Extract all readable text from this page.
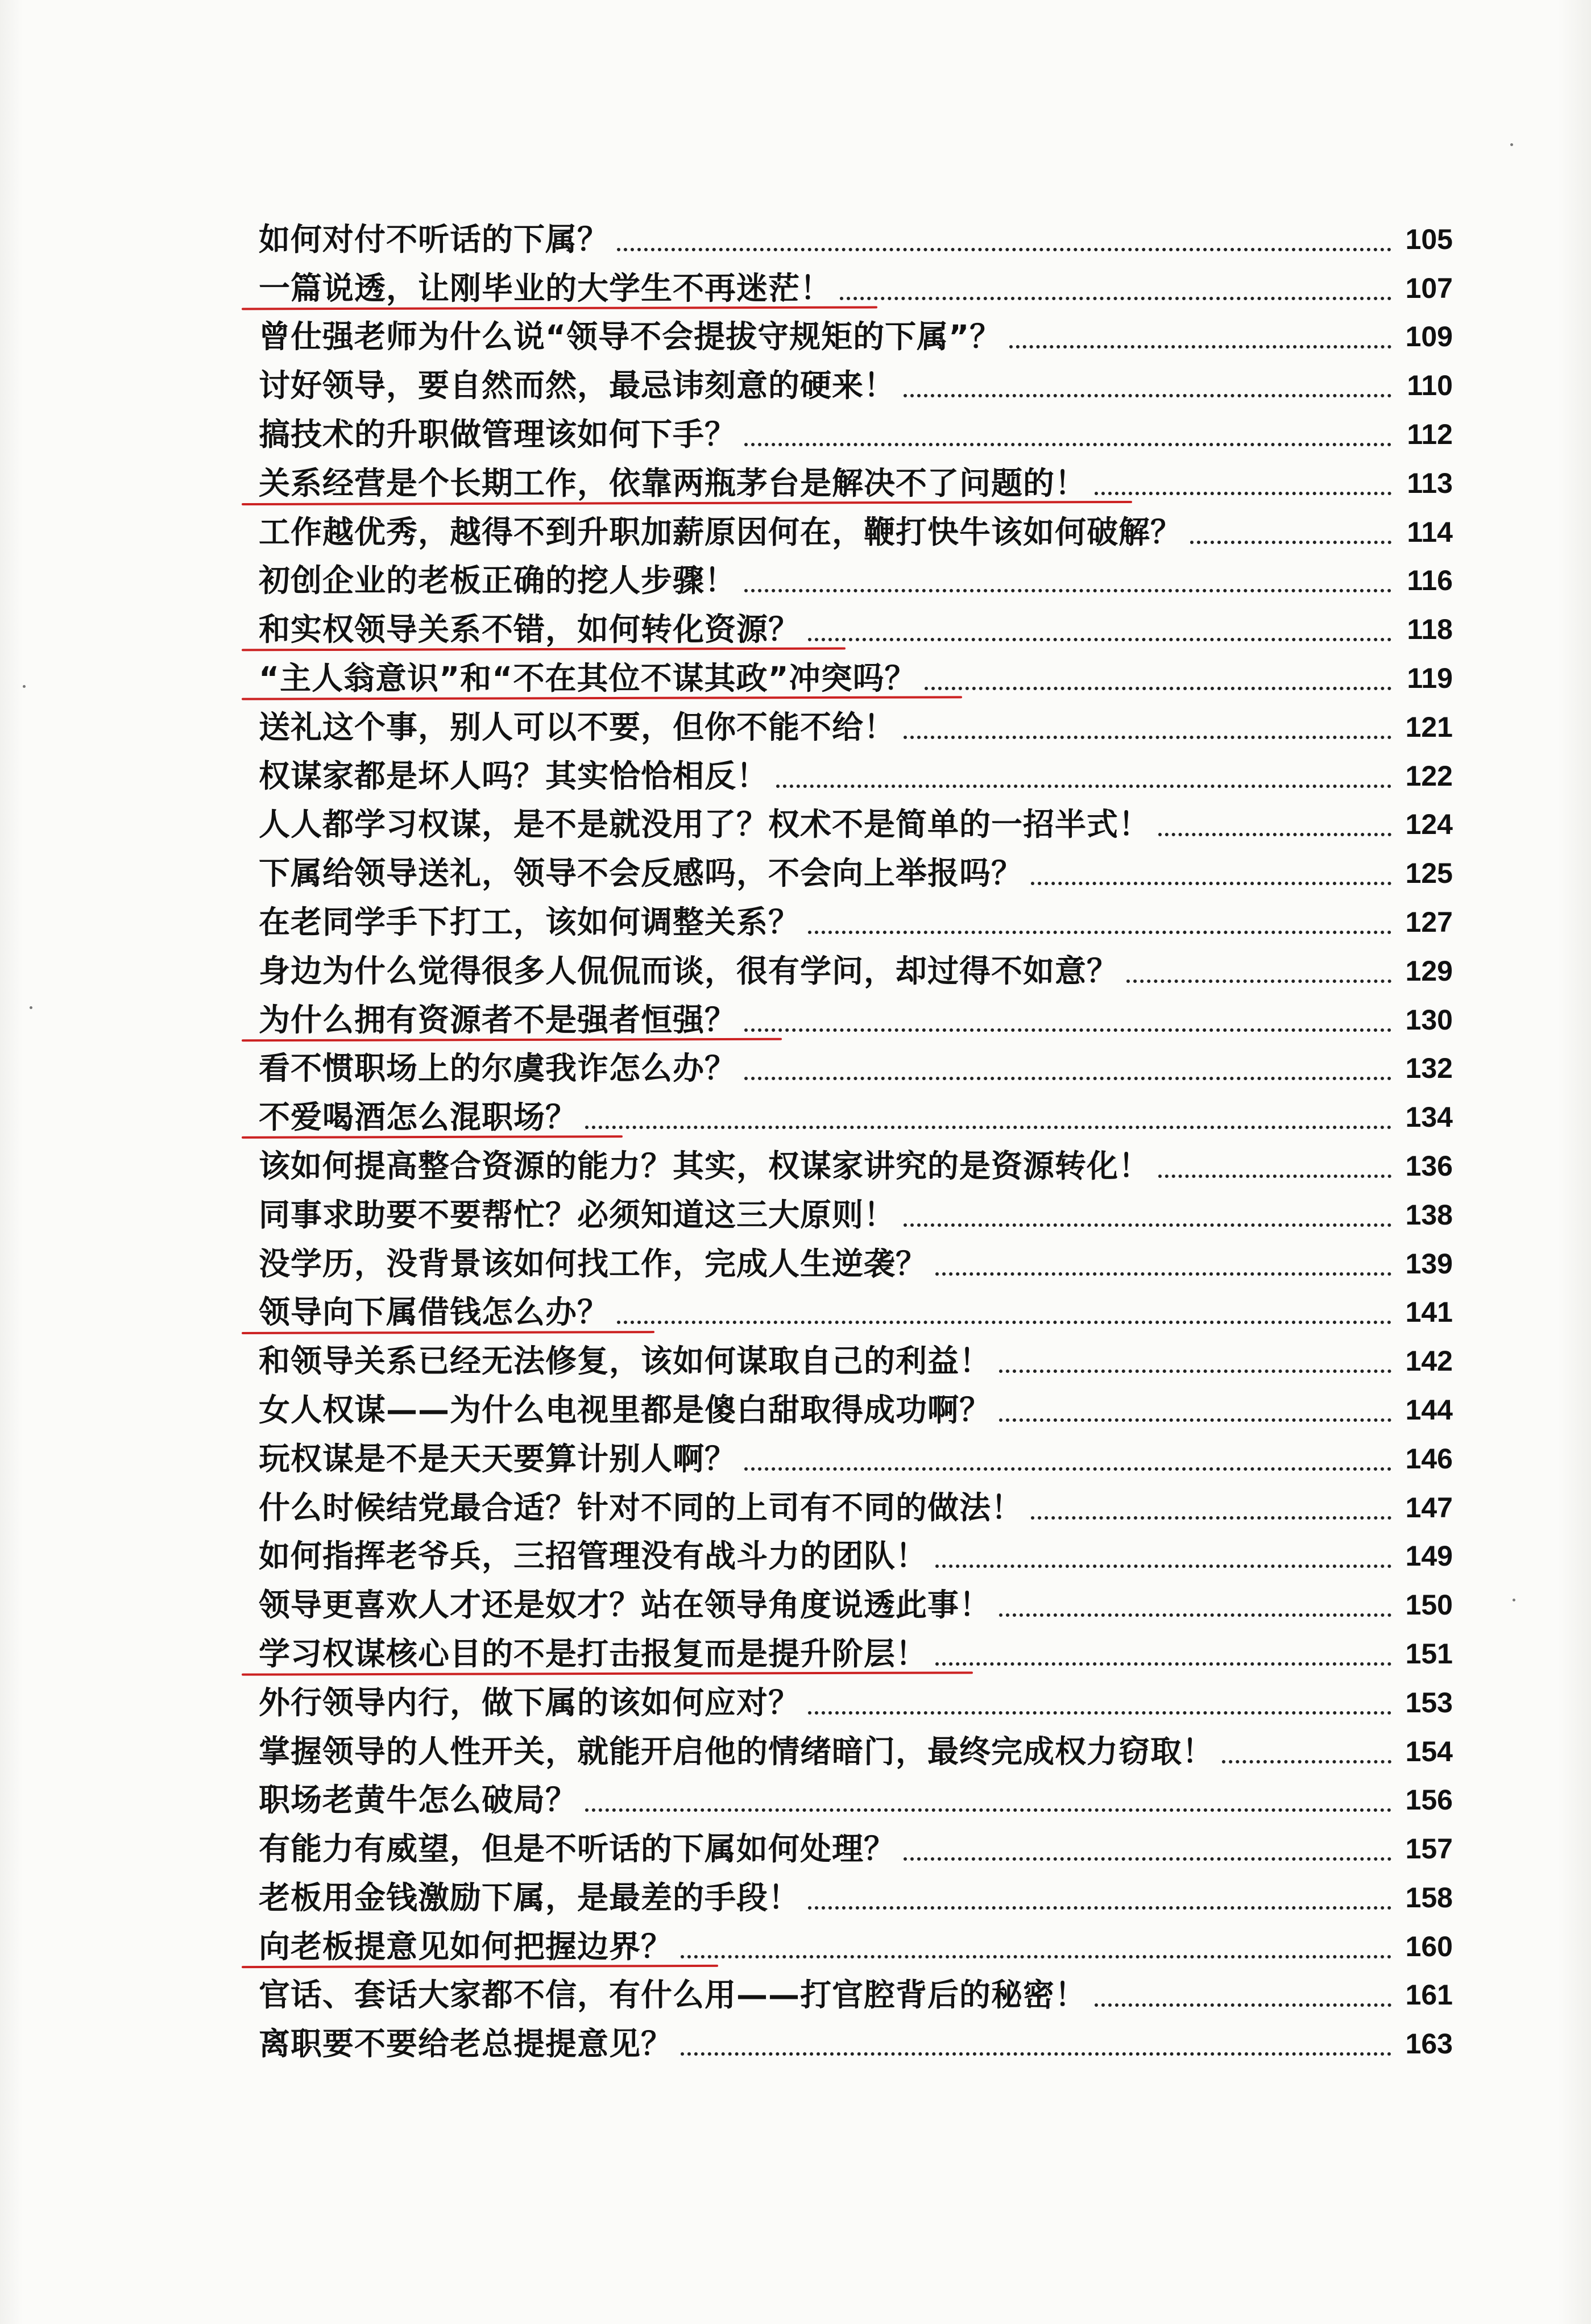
如何对付不听话的下属？	105
一篇说透，让刚毕业的大学生不再迷茫！	107
曾仕强老师为什么说“领导不会提拔守规矩的下属”？	109
讨好领导，要自然而然，最忌讳刻意的硬来！	110
搞技术的升职做管理该如何下手？	112
关系经营是个长期工作，依靠两瓶茅台是解决不了问题的！	113
工作越优秀，越得不到升职加薪原因何在，鞭打快牛该如何破解？	114
初创企业的老板正确的挖人步骤！	116
和实权领导关系不错，如何转化资源？	118
“主人翁意识”和“不在其位不谋其政”冲突吗？	119
送礼这个事，别人可以不要，但你不能不给！	121
权谋家都是坏人吗？其实恰恰相反！	122
人人都学习权谋，是不是就没用了？权术不是简单的一招半式！	124
下属给领导送礼，领导不会反感吗，不会向上举报吗？	125
在老同学手下打工，该如何调整关系？	127
身边为什么觉得很多人侃侃而谈，很有学问，却过得不如意？	129
为什么拥有资源者不是强者恒强？	130
看不惯职场上的尔虞我诈怎么办？	132
不爱喝酒怎么混职场？	134
该如何提高整合资源的能力？其实，权谋家讲究的是资源转化！	136
同事求助要不要帮忙？必须知道这三大原则！	138
没学历，没背景该如何找工作，完成人生逆袭？	139
领导向下属借钱怎么办？	141
和领导关系已经无法修复，该如何谋取自己的利益！	142
女人权谋——为什么电视里都是傻白甜取得成功啊？	144
玩权谋是不是天天要算计别人啊？	146
什么时候结党最合适？针对不同的上司有不同的做法！	147
如何指挥老爷兵，三招管理没有战斗力的团队！	149
领导更喜欢人才还是奴才？站在领导角度说透此事！	150
学习权谋核心目的不是打击报复而是提升阶层！	151
外行领导内行，做下属的该如何应对？	153
掌握领导的人性开关，就能开启他的情绪暗门，最终完成权力窃取！	154
职场老黄牛怎么破局？	156
有能力有威望，但是不听话的下属如何处理？	157
老板用金钱激励下属，是最差的手段！	158
向老板提意见如何把握边界？	160
官话、套话大家都不信，有什么用——打官腔背后的秘密！	161
离职要不要给老总提提意见？	163
